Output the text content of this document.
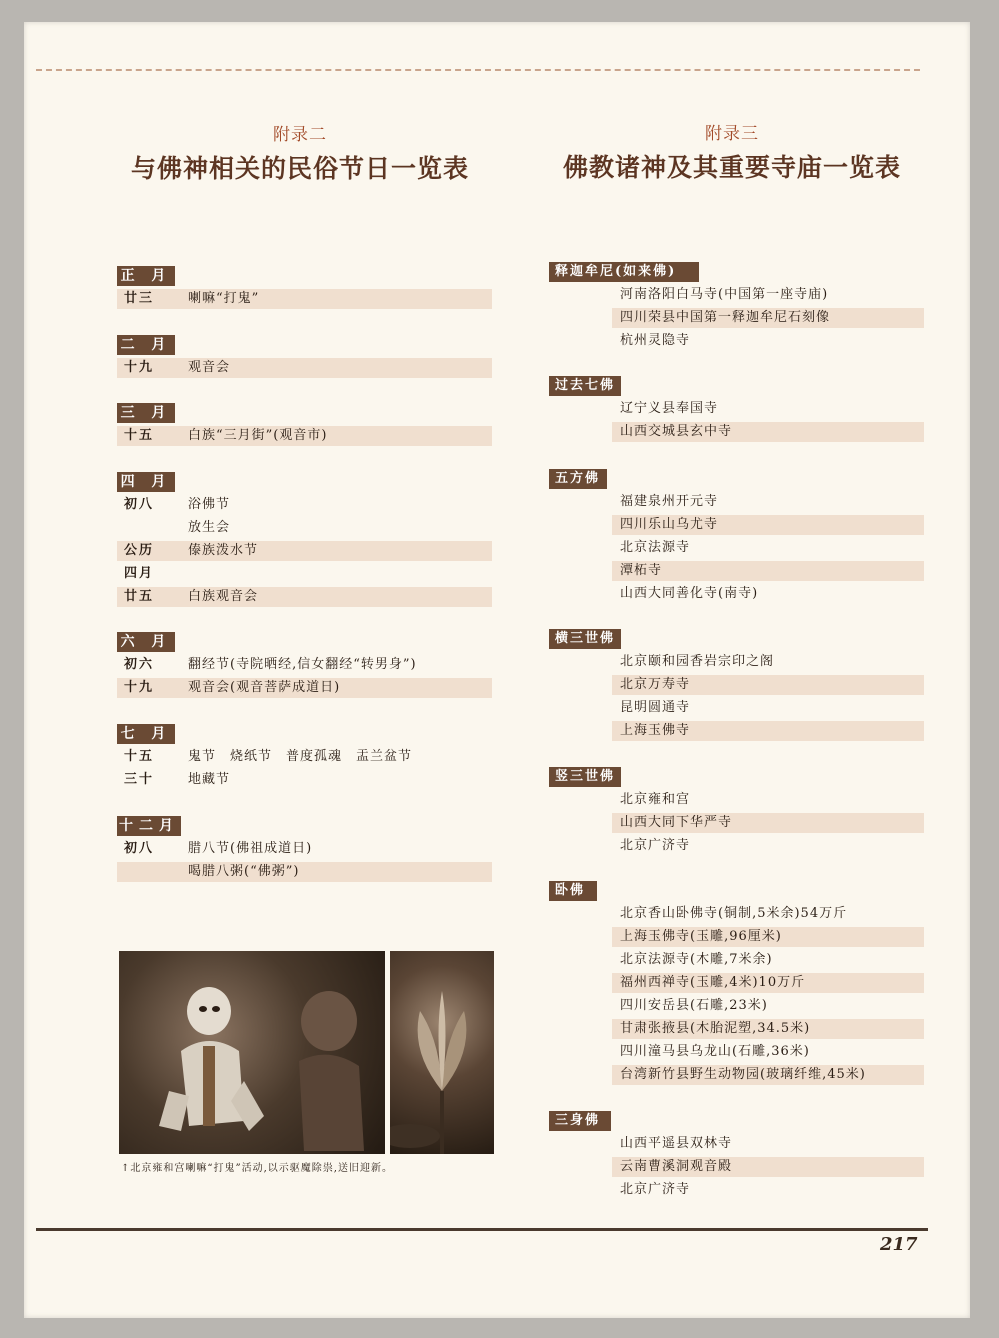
附录二
与佛神相关的民俗节日一览表
正 月
廿三	喇嘛“打鬼”
二 月
十九	观音会
三 月
十五	白族“三月街”(观音市)
四 月
初八	浴佛节
放生会
公历	傣族泼水节
四月
廿五	白族观音会
六 月
初六	翻经节(寺院晒经,信女翻经“转男身”)
十九	观音会(观音菩萨成道日)
七 月
十五	鬼节　烧纸节　普度孤魂　盂兰盆节
三十	地藏节
十二月
初八	腊八节(佛祖成道日)
喝腊八粥(“佛粥”)
↑北京雍和宫喇嘛“打鬼”活动,以示驱魔除祟,送旧迎新。
附录三
佛教诸神及其重要寺庙一览表
释迦牟尼(如来佛)
河南洛阳白马寺(中国第一座寺庙)
四川荣县中国第一释迦牟尼石刻像
杭州灵隐寺
过去七佛
辽宁义县奉国寺
山西交城县玄中寺
五方佛
福建泉州开元寺
四川乐山乌尤寺
北京法源寺
潭柘寺
山西大同善化寺(南寺)
横三世佛
北京颐和园香岩宗印之阁
北京万寿寺
昆明圆通寺
上海玉佛寺
竖三世佛
北京雍和宫
山西大同下华严寺
北京广济寺
卧佛
北京香山卧佛寺(铜制,5米余)54万斤
上海玉佛寺(玉雕,96厘米)
北京法源寺(木雕,7米余)
福州西禅寺(玉雕,4米)10万斤
四川安岳县(石雕,23米)
甘肃张掖县(木胎泥塑,34.5米)
四川潼马县乌龙山(石雕,36米)
台湾新竹县野生动物园(玻璃纤维,45米)
三身佛
山西平遥县双林寺
云南曹溪洞观音殿
北京广济寺
217
